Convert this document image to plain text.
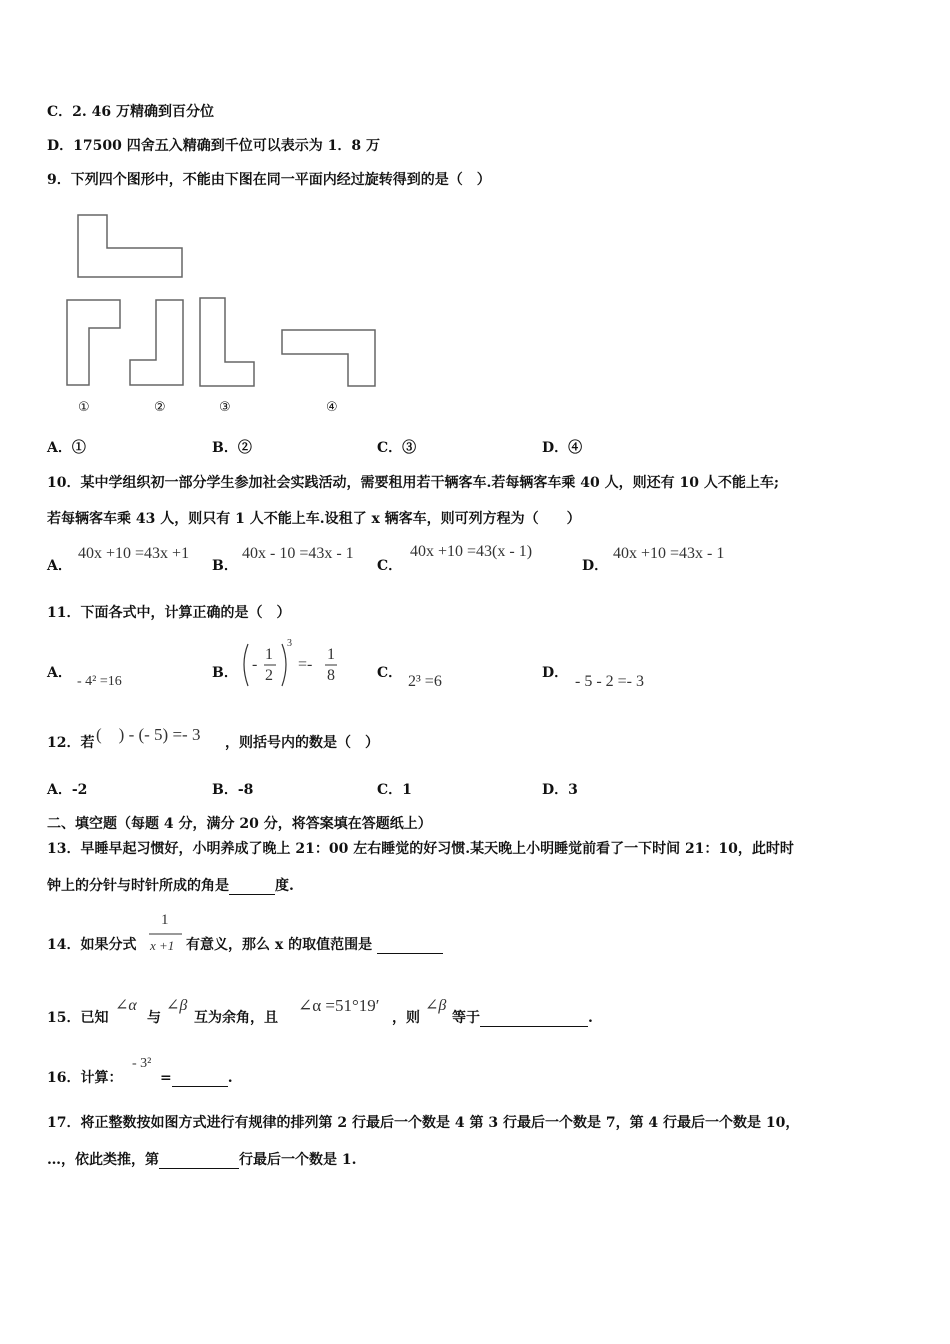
C．2. 46 万精确到百分位
D．17500 四舍五入精确到千位可以表示为 1．8 万
9．下列四个图形中，不能由下图在同一平面内经过旋转得到的是（　）
①	②	③	④
A．①	B．②	C．③	D．④
10．某中学组织初一部分学生参加社会实践活动，需要租用若干辆客车.若每辆客车乘 40 人，则还有 10 人不能上车;
若每辆客车乘 43 人，则只有 1 人不能上车.设租了 x 辆客车，则可列方程为（　　）
A．
40x +10 =43x +1
B．
40x - 10 =43x - 1
C．
40x +10 =43(x - 1)
D．
40x +10 =43x - 1
11．下面各式中，计算正确的是（　）
A．
- 4² =16
B． -
1
2
3
=-
1
8	C． 2³ =6	D． - 5 - 2 =- 3
12．若 (　) - (- 5) =- 3 ，则括号内的数是（　）
A．-2	B．-8	C．1	D．3
二、填空题（每题 4 分，满分 20 分，将答案填在答题纸上）
13．早睡早起习惯好，小明养成了晚上 21：00 左右睡觉的好习惯.某天晚上小明睡觉前看了一下时间 21：10，此时时
钟上的分针与时针所成的角是	度.
14．如果分式
1
x +1 有意义，那么 x 的取值范围是
15．已知
∠α
与
∠β
互为余角，且
∠α =51°19′
，则
∠β
等于	.
16．计算：
- 3²
=	.
17．将正整数按如图方式进行有规律的排列第 2 行最后一个数是 4 第 3 行最后一个数是 7，第 4 行最后一个数是 10，
…，依此类推，第	行最后一个数是 1.
